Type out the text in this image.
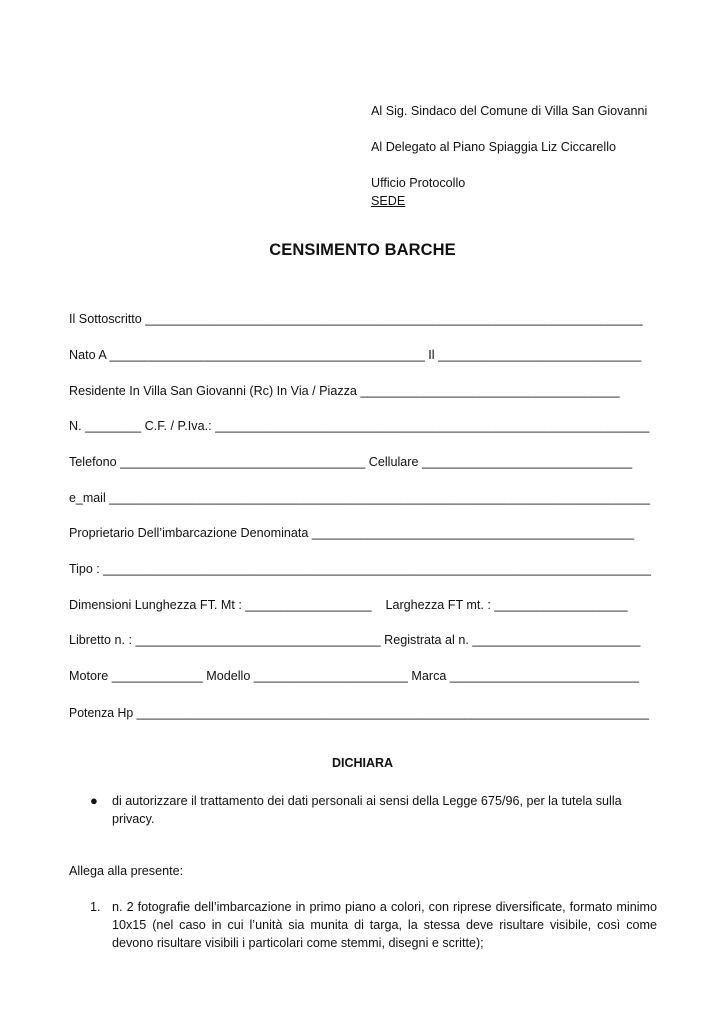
Al Sig. Sindaco del Comune di Villa San Giovanni
Al Delegato al Piano Spiaggia Liz Ciccarello
Ufficio Protocollo
SEDE
CENSIMENTO BARCHE
Il Sottoscritto _______________________________________________________________________
Nato A _____________________________________________ Il _____________________________
Residente In Villa San Giovanni (Rc) In Via / Piazza _____________________________________
N. ________ C.F. / P.Iva.: ______________________________________________________________
Telefono ___________________________________ Cellulare ______________________________
e_mail ______________________________________________________________________________
Proprietario Dell’imbarcazione Denominata ______________________________________________
Tipo : _______________________________________________________________________________
Dimensioni Lunghezza FT. Mt : __________________    Larghezza FT mt. : ___________________
Libretto n. : ___________________________________ Registrata al n. ________________________
Motore _____________ Modello ______________________ Marca ___________________________
Potenza Hp ___________________________________________________________________________
DICHIARA
● di autorizzare il trattamento dei dati personali ai sensi della Legge 675/96, per la tutela sulla privacy.
Allega alla presente:
1. n. 2 fotografie dell’imbarcazione in primo piano a colori, con riprese diversificate, formato minimo 10x15 (nel caso in cui l’unità sia munita di targa, la stessa deve risultare visibile, così come devono risultare visibili i particolari come stemmi, disegni e scritte);
